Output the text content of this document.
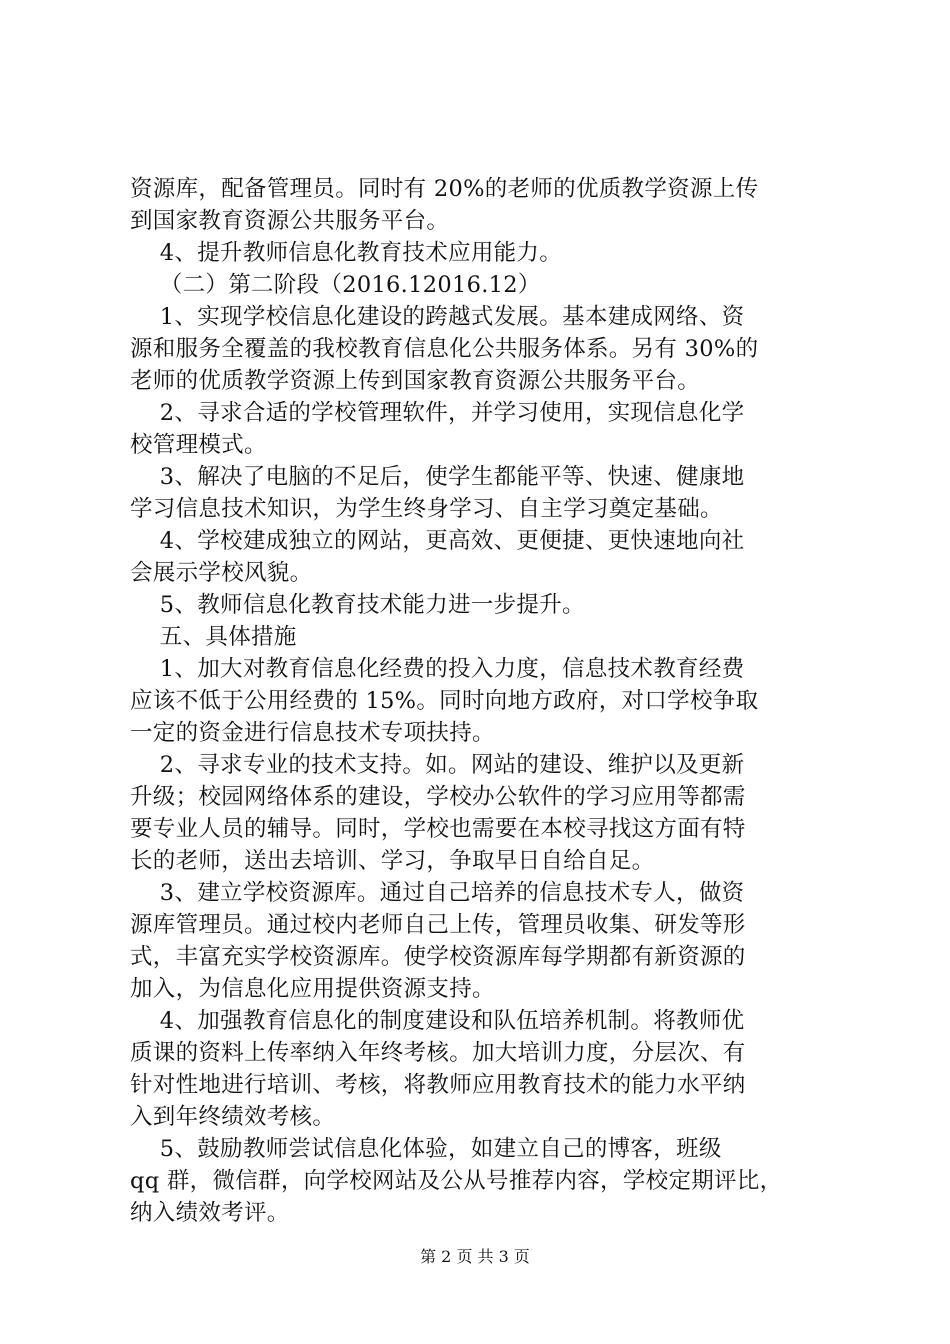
资源库，配备管理员。同时有 20%的老师的优质教学资源上传
到国家教育资源公共服务平台。
4、提升教师信息化教育技术应用能力。
（二）第二阶段（2016.12016.12）
1、实现学校信息化建设的跨越式发展。基本建成网络、资
源和服务全覆盖的我校教育信息化公共服务体系。另有 30%的
老师的优质教学资源上传到国家教育资源公共服务平台。
2、寻求合适的学校管理软件，并学习使用，实现信息化学
校管理模式。
3、解决了电脑的不足后，使学生都能平等、快速、健康地
学习信息技术知识，为学生终身学习、自主学习奠定基础。
4、学校建成独立的网站，更高效、更便捷、更快速地向社
会展示学校风貌。
5、教师信息化教育技术能力进一步提升。
五、具体措施
1、加大对教育信息化经费的投入力度，信息技术教育经费
应该不低于公用经费的 15%。同时向地方政府，对口学校争取
一定的资金进行信息技术专项扶持。
2、寻求专业的技术支持。如。网站的建设、维护以及更新
升级；校园网络体系的建设，学校办公软件的学习应用等都需
要专业人员的辅导。同时，学校也需要在本校寻找这方面有特
长的老师，送出去培训、学习，争取早日自给自足。
3、建立学校资源库。通过自己培养的信息技术专人，做资
源库管理员。通过校内老师自己上传，管理员收集、研发等形
式，丰富充实学校资源库。使学校资源库每学期都有新资源的
加入，为信息化应用提供资源支持。
4、加强教育信息化的制度建设和队伍培养机制。将教师优
质课的资料上传率纳入年终考核。加大培训力度，分层次、有
针对性地进行培训、考核，将教师应用教育技术的能力水平纳
入到年终绩效考核。
5、鼓励教师尝试信息化体验，如建立自己的博客，班级
qq 群，微信群，向学校网站及公从号推荐内容，学校定期评比，
纳入绩效考评。
第 2 页 共 3 页
